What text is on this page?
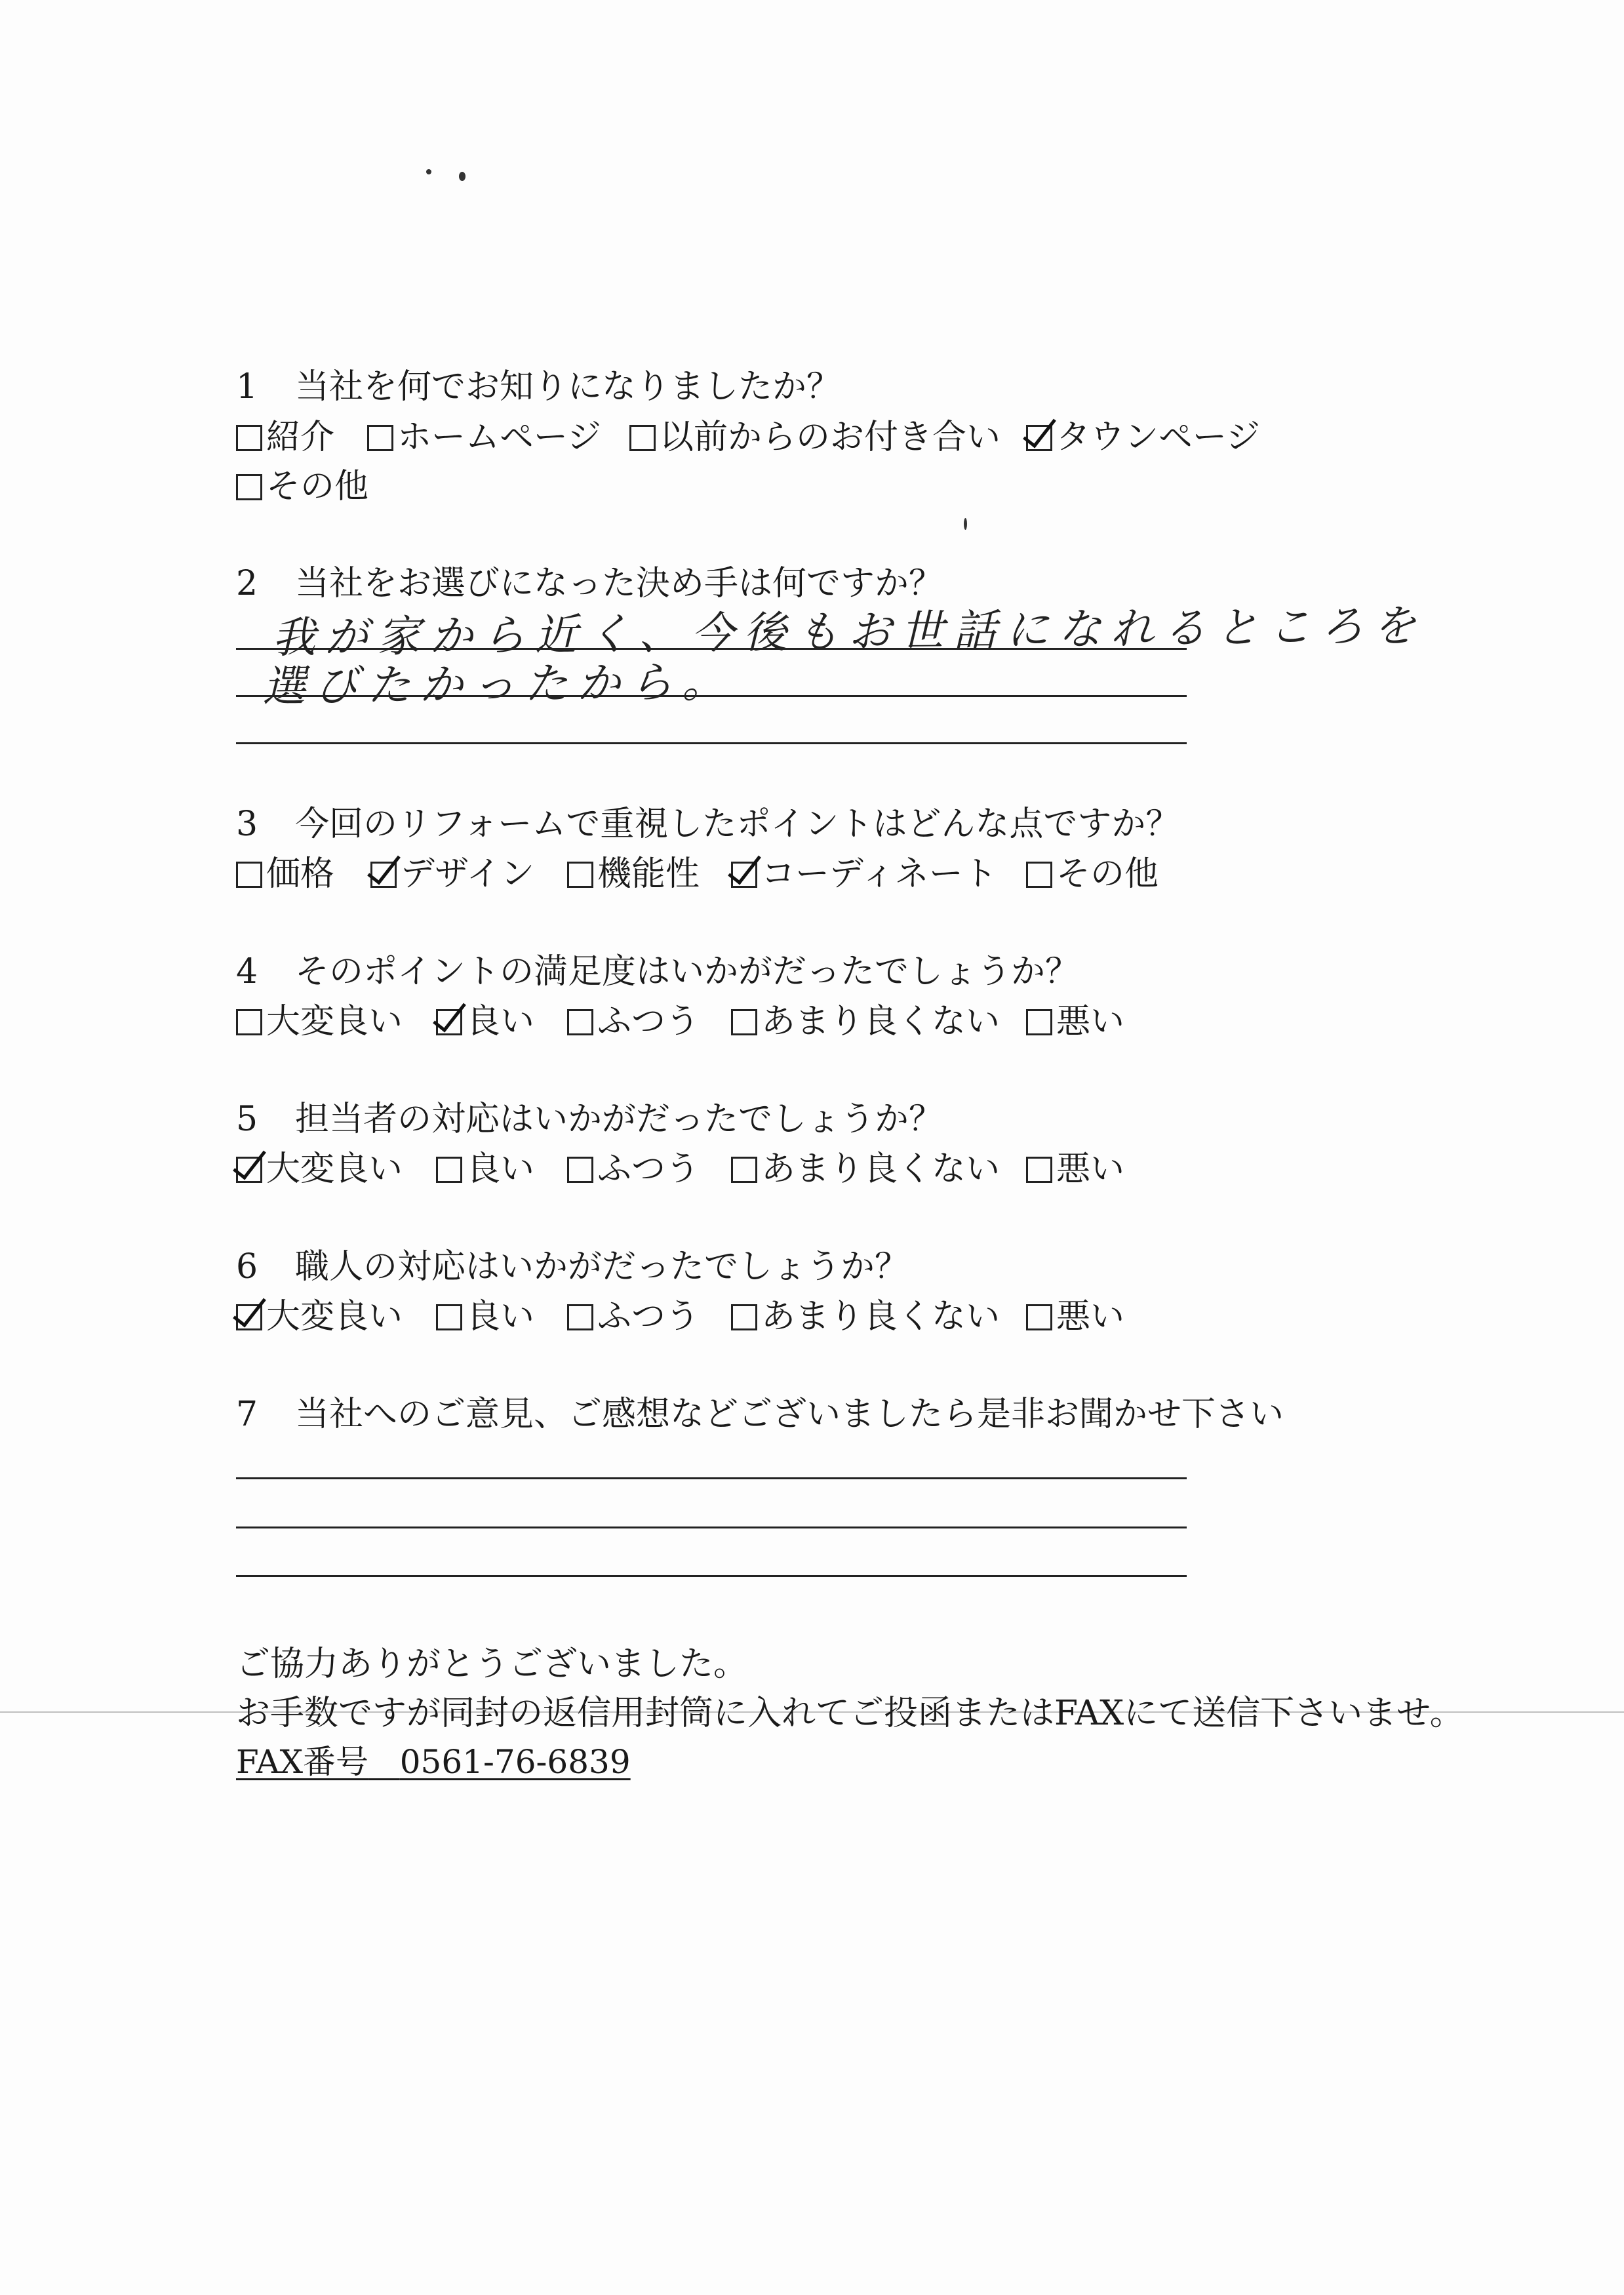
1 当社を何でお知りになりましたか？
紹介	ホームページ	以前からのお付き合い	タウンページ
その他
2 当社をお選びになった決め手は何ですか？
我が家から近く、今後もお世話になれるところを
選びたかったから。
3 今回のリフォームで重視したポイントはどんな点ですか？
価格	デザイン	機能性	コーディネート	その他
4 そのポイントの満足度はいかがだったでしょうか？
大変良い	良い	ふつう	あまり良くない	悪い
5 担当者の対応はいかがだったでしょうか？
大変良い	良い	ふつう	あまり良くない	悪い
6 職人の対応はいかがだったでしょうか？
大変良い	良い	ふつう	あまり良くない	悪い
7 当社へのご意見、ご感想などございましたら是非お聞かせ下さい
ご協力ありがとうございました。
お手数ですが同封の返信用封筒に入れてご投函またはFAXにて送信下さいませ。
FAX番号 0561-76-6839
